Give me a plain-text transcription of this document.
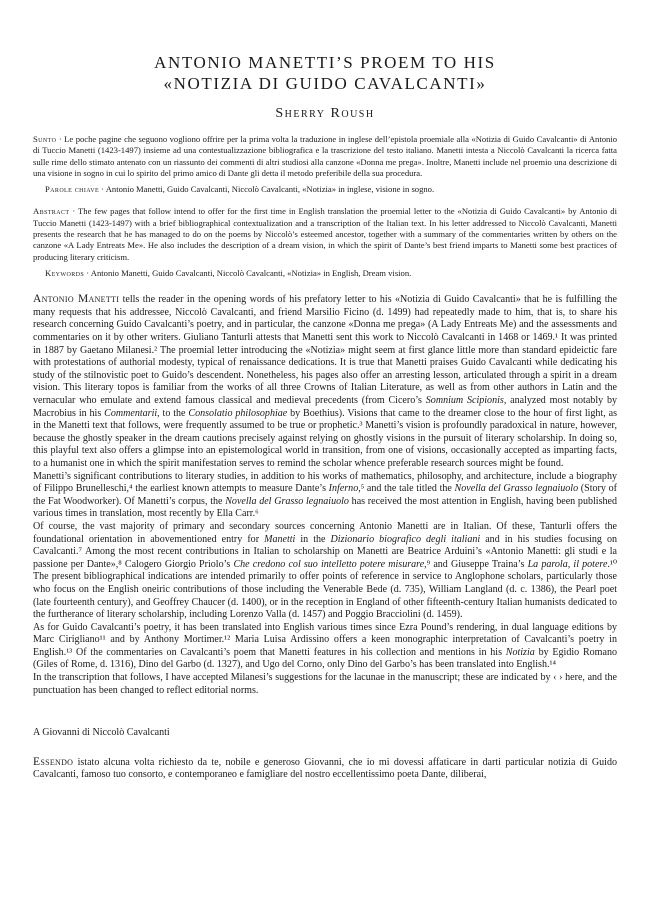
ANTONIO MANETTI’S PROEM TO HIS
«NOTIZIA DI GUIDO CAVALCANTI»
Sherry Roush
Sunto · Le poche pagine che seguono vogliono offrire per la prima volta la traduzione in inglese dell’epistola proemiale alla «Notizia di Guido Cavalcanti» di Antonio di Tuccio Manetti (1423-1497) insieme ad una contestualizzazione bibliografica e la trascrizione del testo italiano. Manetti intesta a Niccolò Cavalcanti la ricerca fatta sulle rime dello stimato antenato con un riassunto dei commenti di altri studiosi alla canzone «Donna me prega». Inoltre, Manetti include nel proemio una descrizione di una visione in sogno in cui lo spirito del primo amico di Dante gli detta il metodo preferibile della sua procedura.
Parole chiave · Antonio Manetti, Guido Cavalcanti, Niccolò Cavalcanti, «Notizia» in inglese, visione in sogno.
Abstract · The few pages that follow intend to offer for the first time in English translation the proemial letter to the «Notizia di Guido Cavalcanti» by Antonio di Tuccio Manetti (1423-1497) with a brief bibliographical contextualization and a transcription of the Italian text. In his letter addressed to Niccolò Cavalcanti, Manetti presents the research that he has managed to do on the poems by Niccolò’s esteemed ancestor, together with a summary of the commentaries written by others on the canzone «A Lady Entreats Me». He also includes the description of a dream vision, in which the spirit of Dante’s best friend imparts to Manetti some best practices of producing literary criticism.
Keywords · Antonio Manetti, Guido Cavalcanti, Niccolò Cavalcanti, «Notizia» in English, Dream vision.

Antonio Manetti tells the reader in the opening words of his prefatory letter to his «Notizia di Guido Cavalcanti» that he is fulfilling the many requests that his addressee, Niccolò Cavalcanti, and friend Marsilio Ficino (d. 1499) had repeatedly made to him, that is, to share his research concerning Guido Cavalcanti’s poetry, and in particular, the canzone «Donna me prega» (A Lady Entreats Me) and the assessments and commentaries on it by other writers. Giuliano Tanturli attests that Manetti sent this work to Niccolò Cavalcanti in 1468 or 1469.¹ It was printed in 1887 by Gaetano Milanesi.² The proemial letter introducing the «Notizia» might seem at first glance little more than standard epideictic fare with protestations of authorial modesty, typical of renaissance dedications. It is true that Manetti praises Guido Cavalcanti while dedicating his study of the stilnovistic poet to Guido’s descendent. Nonetheless, his pages also offer an arresting lesson, articulated through a spirit in a dream vision. This literary topos is familiar from the works of all three Crowns of Italian Literature, as well as from other authors in Latin and the vernacular who emulate and extend famous classical and medieval precedents (from Cicero’s Somnium Scipionis, analyzed most notably by Macrobius in his Commentarii, to the Consolatio philosophiae by Boethius). Visions that came to the dreamer close to the hour of first light, as in the Manetti text that follows, were frequently assumed to be true or prophetic.³ Manetti’s vision is profoundly paradoxical in nature, however, because the ghostly speaker in the dream cautions precisely against relying on ghostly visions in the pursuit of literary scholarship. In doing so, this playful text also offers a glimpse into an epistemological world in transition, from one of visions, occasionally accepted as imparting facts, to a humanist one in which the spirit manifestation serves to remind the scholar whence preferable research sources might be found.

Manetti’s significant contributions to literary studies, in addition to his works of mathematics, philosophy, and architecture, include a biography of Filippo Brunelleschi,⁴ the earliest known attempts to measure Dante’s Inferno,⁵ and the tale titled the Novella del Grasso legnaiuolo (Story of the Fat Woodworker). Of Manetti’s corpus, the Novella del Grasso legnaiuolo has received the most attention in English, having been published various times in translation, most recently by Ella Carr.⁶

Of course, the vast majority of primary and secondary sources concerning Antonio Manetti are in Italian. Of these, Tanturli offers the foundational orientation in abovementioned entry for Manetti in the Dizionario biografico degli italiani and in his studies focusing on Cavalcanti.⁷ Among the most recent contributions in Italian to scholarship on Manetti are Beatrice Arduini’s «Antonio Manetti: gli studi e la passione per Dante»,⁸ Calogero Giorgio Priolo’s Che credono col suo intelletto potere misurare,⁹ and Giuseppe Traina’s La parola, il potere.¹⁰ The present bibliographical indications are intended primarily to offer points of reference in service to Anglophone scholars, particularly those who focus on the English oneiric contributions of those including the Venerable Bede (d. 735), William Langland (d. c. 1386), the Pearl poet (late fourteenth century), and Geoffrey Chaucer (d. 1400), or in the reception in England of other fifteenth-century Italian humanists dedicated to the furtherance of literary scholarship, including Lorenzo Valla (d. 1457) and Poggio Bracciolini (d. 1459).

As for Guido Cavalcanti’s poetry, it has been translated into English various times since Ezra Pound’s rendering, in dual language editions by Marc Cirigliano¹¹ and by Anthony Mortimer.¹² Maria Luisa Ardissino offers a keen monographic interpretation of Cavalcanti’s poetry in English.¹³ Of the commentaries on Cavalcanti’s poem that Manetti features in his collection and mentions in his Notizia by Egidio Romano (Giles of Rome, d. 1316), Dino del Garbo (d. 1327), and Ugo del Corno, only Dino del Garbo’s has been translated into English.¹⁴

In the transcription that follows, I have accepted Milanesi’s suggestions for the lacunae in the manuscript; these are indicated by ‹ › here, and the punctuation has been changed to reflect editorial norms.

A Giovanni di Niccolò Cavalcanti

Essendo istato alcuna volta richiesto da te, nobile e generoso Giovanni, che io mi dovessi affaticare in darti particular notizia di Guido Cavalcanti, famoso tuo consorto, e contemporaneo e famigliare del nostro eccellentissimo poeta Dante, diliberai,
